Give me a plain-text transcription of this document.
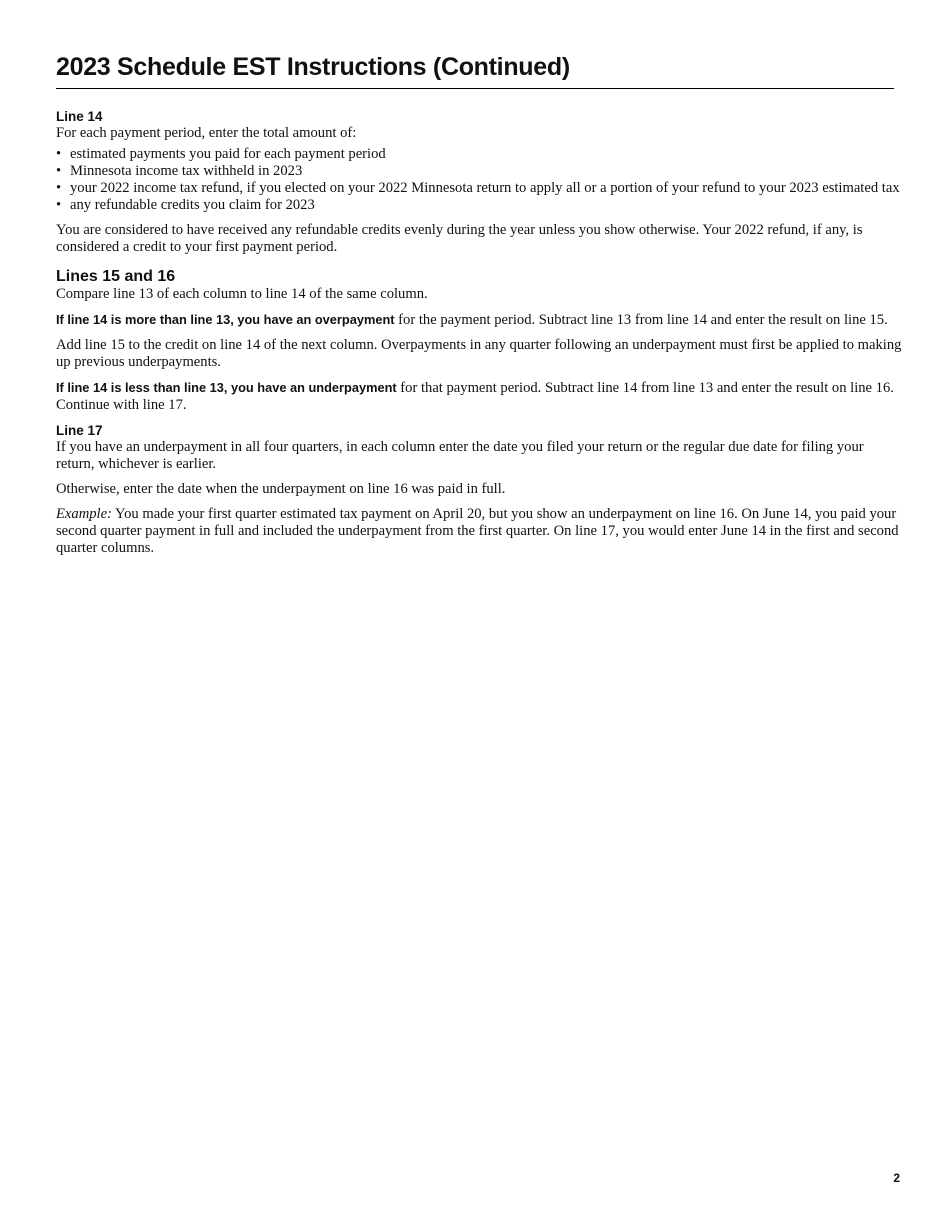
2023 Schedule EST Instructions (Continued)
Line 14

For each payment period, enter the total amount of:

• estimated payments you paid for each payment period
• Minnesota income tax withheld in 2023
• your 2022 income tax refund, if you elected on your 2022 Minnesota return to apply all or a portion of your refund to your 2023 estimated tax
• any refundable credits you claim for 2023

You are considered to have received any refundable credits evenly during the year unless you show otherwise. Your 2022 refund, if any, is considered a credit to your first payment period.

Lines 15 and 16

Compare line 13 of each column to line 14 of the same column.

If line 14 is more than line 13, you have an overpayment for the payment period. Subtract line 13 from line 14 and enter the result on line 15.

Add line 15 to the credit on line 14 of the next column. Overpayments in any quarter following an underpayment must first be applied to making up previous underpayments.

If line 14 is less than line 13, you have an underpayment for that payment period. Subtract line 14 from line 13 and enter the result on line 16. Continue with line 17.

Line 17

If you have an underpayment in all four quarters, in each column enter the date you filed your return or the regular due date for filing your return, whichever is earlier.

Otherwise, enter the date when the underpayment on line 16 was paid in full.

Example: You made your first quarter estimated tax payment on April 20, but you show an underpayment on line 16. On June 14, you paid your second quarter payment in full and included the underpayment from the first quarter. On line 17, you would enter June 14 in the first and second quarter columns.

2
